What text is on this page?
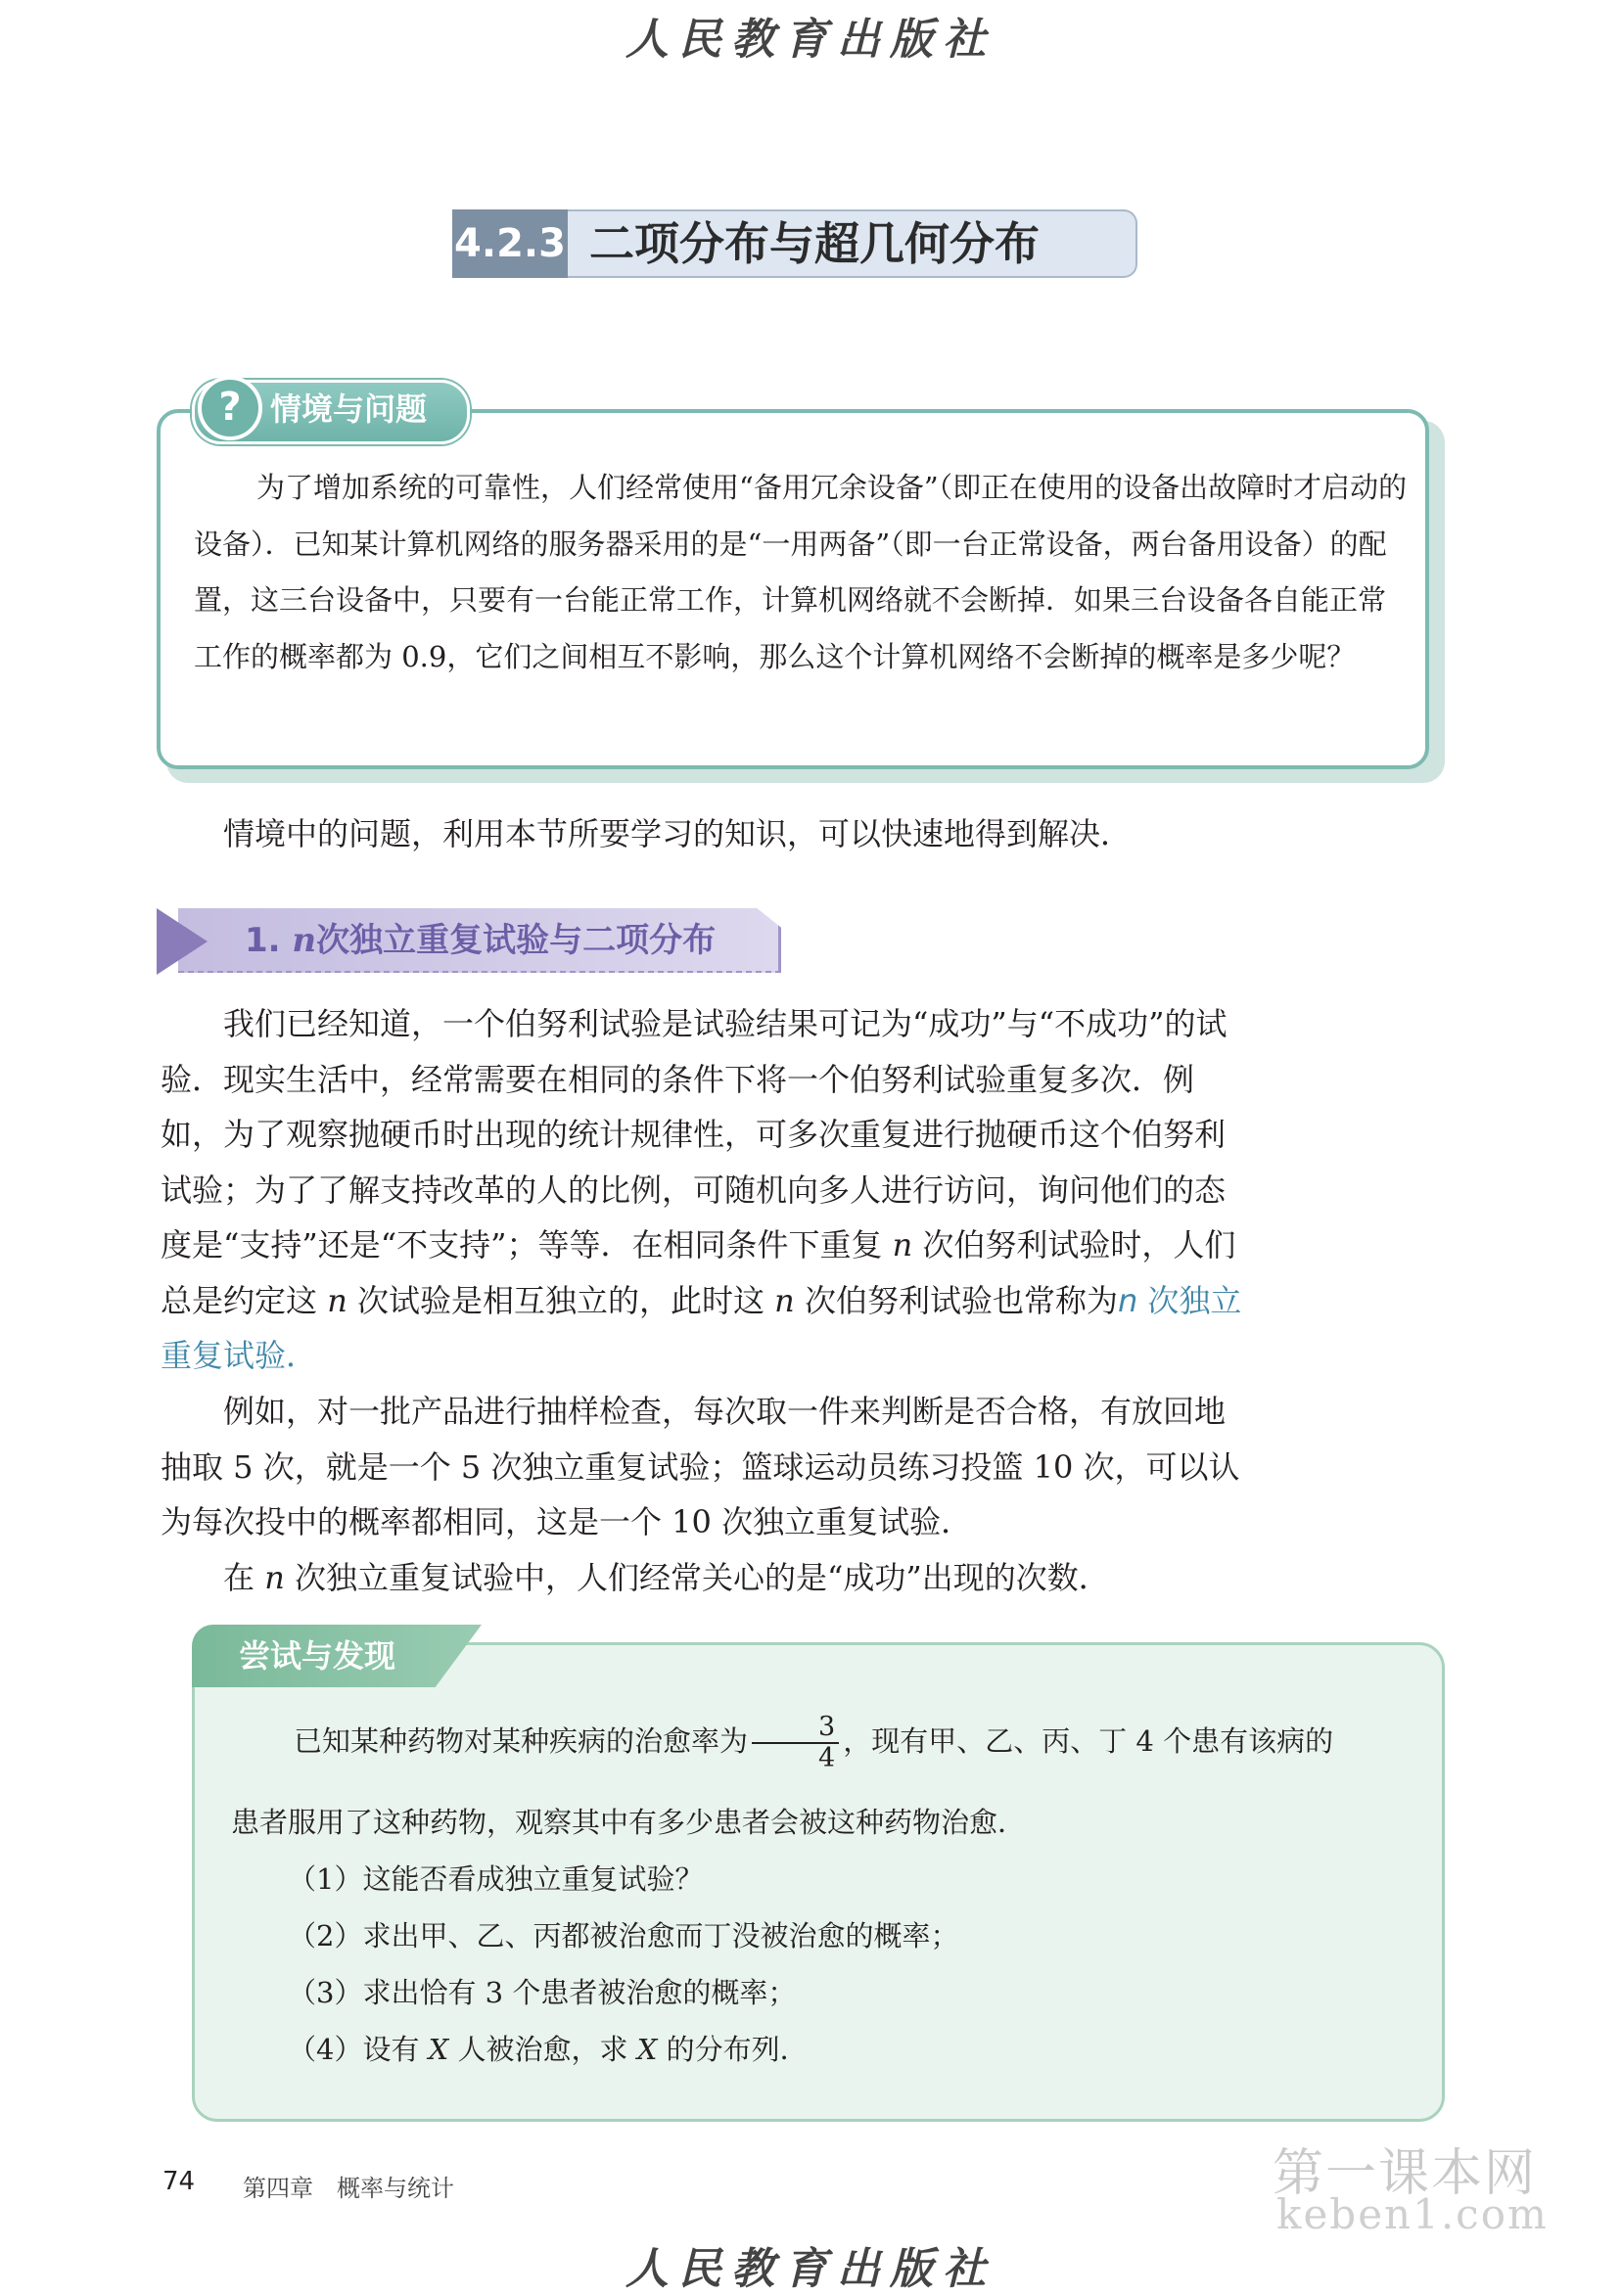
人民教育出版社
4.2.3 二项分布与超几何分布
? 情境与问题
为了增加系统的可靠性，人们经常使用“备用冗余设备”（即正在使用的设备出故障时才启动的设备）．已知某计算机网络的服务器采用的是“一用两备”（即一台正常设备，两台备用设备）的配置，这三台设备中，只要有一台能正常工作，计算机网络就不会断掉．如果三台设备各自能正常工作的概率都为 0.9，它们之间相互不影响，那么这个计算机网络不会断掉的概率是多少呢？
情境中的问题，利用本节所要学习的知识，可以快速地得到解决．
1. n次独立重复试验与二项分布
我们已经知道，一个伯努利试验是试验结果可记为“成功”与“不成功”的试验．现实生活中，经常需要在相同的条件下将一个伯努利试验重复多次．例如，为了观察抛硬币时出现的统计规律性，可多次重复进行抛硬币这个伯努利试验；为了了解支持改革的人的比例，可随机向多人进行访问，询问他们的态度是“支持”还是“不支持”；等等．在相同条件下重复 n 次伯努利试验时，人们总是约定这 n 次试验是相互独立的，此时这 n 次伯努利试验也常称为n 次独立重复试验．
例如，对一批产品进行抽样检查，每次取一件来判断是否合格，有放回地抽取 5 次，就是一个 5 次独立重复试验；篮球运动员练习投篮 10 次，可以认为每次投中的概率都相同，这是一个 10 次独立重复试验．
在 n 次独立重复试验中，人们经常关心的是“成功”出现的次数．
尝试与发现
已知某种药物对某种疾病的治愈率为 $\frac{3}{4}$ ，现有甲、乙、丙、丁 4 个患有该病的
患者服用了这种药物，观察其中有多少患者会被这种药物治愈．
（1）这能否看成独立重复试验？
（2）求出甲、乙、丙都被治愈而丁没被治愈的概率；
（3）求出恰有 3 个患者被治愈的概率；
（4）设有 X 人被治愈，求 X 的分布列．
74 第四章　概率与统计	第一课本网
keben1.com
人民教育出版社
